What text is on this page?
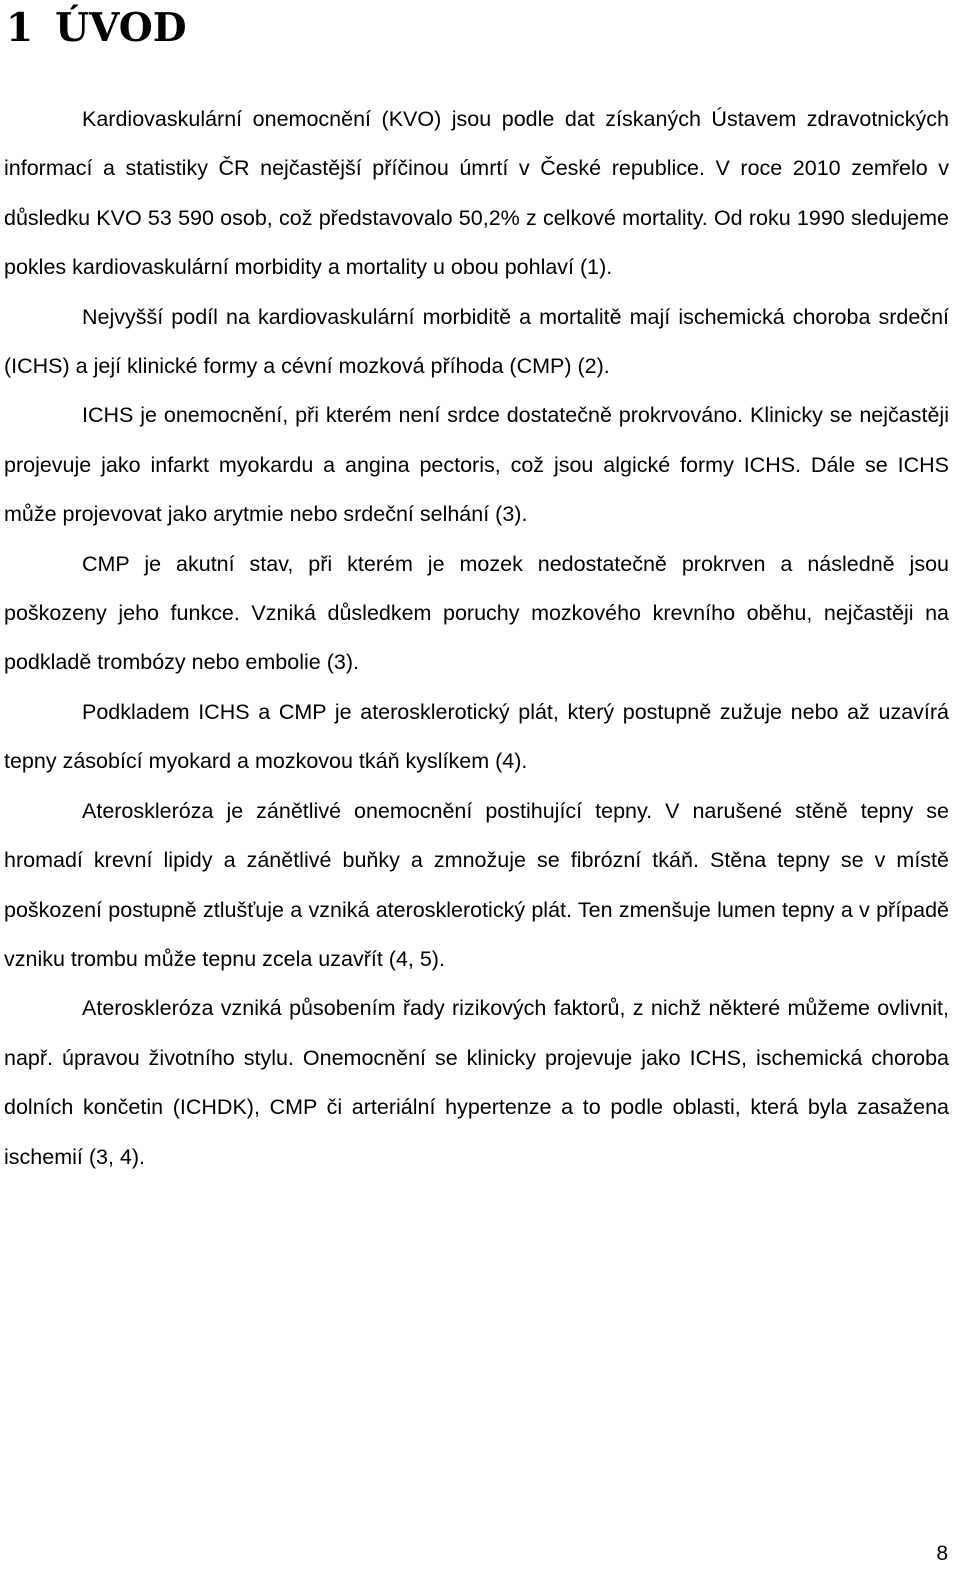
1 ÚVOD

Kardiovaskulární onemocnění (KVO) jsou podle dat získaných Ústavem zdravotnických informací a statistiky ČR nejčastější příčinou úmrtí v České republice. V roce 2010 zemřelo v důsledku KVO 53 590 osob, což představovalo 50,2% z celkové mortality. Od roku 1990 sledujeme pokles kardiovaskulární morbidity a mortality u obou pohlaví (1).

Nejvyšší podíl na kardiovaskulární morbiditě a mortalitě mají ischemická choroba srdeční (ICHS) a její klinické formy a cévní mozková příhoda (CMP) (2).

ICHS je onemocnění, při kterém není srdce dostatečně prokrvováno. Klinicky se nejčastěji projevuje jako infarkt myokardu a angina pectoris, což jsou algické formy ICHS. Dále se ICHS může projevovat jako arytmie nebo srdeční selhání (3).

CMP je akutní stav, při kterém je mozek nedostatečně prokrven a následně jsou poškozeny jeho funkce. Vzniká důsledkem poruchy mozkového krevního oběhu, nejčastěji na podkladě trombózy nebo embolie (3).

Podkladem ICHS a CMP je aterosklerotický plát, který postupně zužuje nebo až uzavírá tepny zásobící myokard a mozkovou tkáň kyslíkem (4).

Ateroskleróza je zánětlivé onemocnění postihující tepny. V narušené stěně tepny se hromadí krevní lipidy a zánětlivé buňky a zmnožuje se fibrózní tkáň. Stěna tepny se v místě poškození postupně ztlušťuje a vzniká aterosklerotický plát. Ten zmenšuje lumen tepny a v případě vzniku trombu může tepnu zcela uzavřít (4, 5).

Ateroskleróza vzniká působením řady rizikových faktorů, z nichž některé můžeme ovlivnit, např. úpravou životního stylu. Onemocnění se klinicky projevuje jako ICHS, ischemická choroba dolních končetin (ICHDK), CMP či arteriální hypertenze a to podle oblasti, která byla zasažena ischemií (3, 4).

8
